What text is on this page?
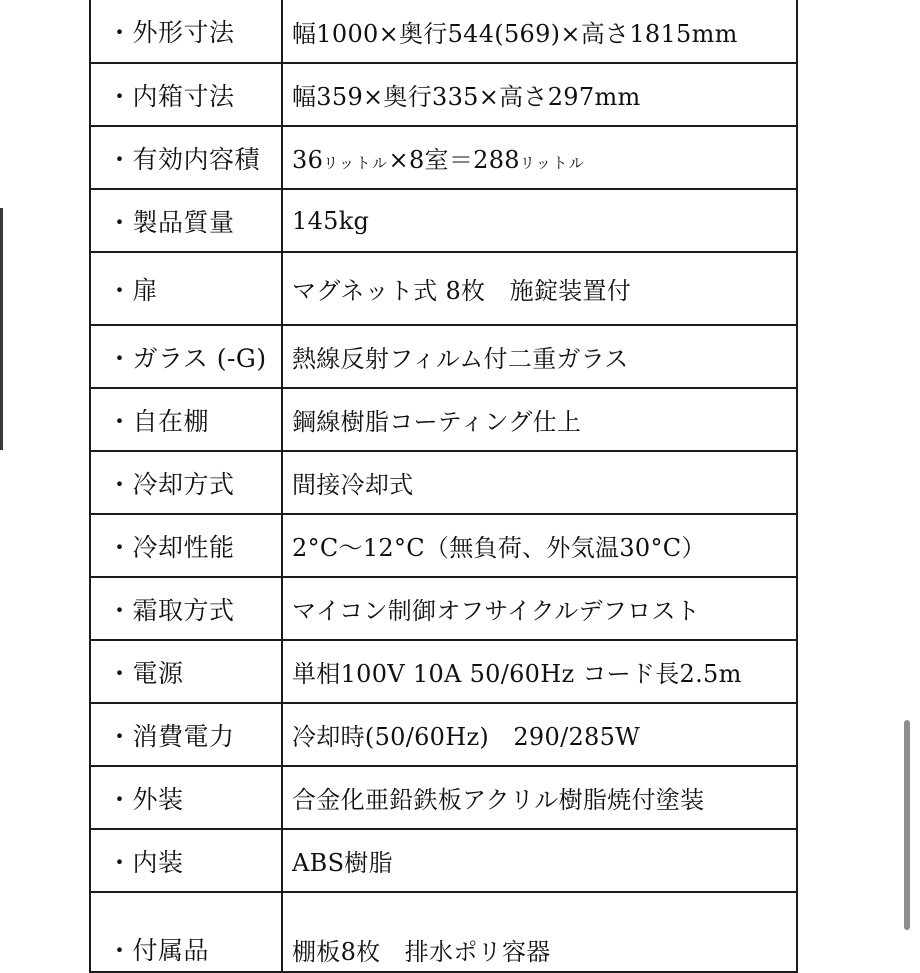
・外形寸法	幅1000×奥行544(569)×高さ1815mm
・内箱寸法	幅359×奥行335×高さ297mm
・有効内容積	36リットル×8室＝288リットル
・製品質量	145kg
・扉	マグネット式 8枚　施錠装置付
・ガラス (-G)	熱線反射フィルム付二重ガラス
・自在棚	鋼線樹脂コーティング仕上
・冷却方式	間接冷却式
・冷却性能	2°C〜12°C（無負荷、外気温30°C）
・霜取方式	マイコン制御オフサイクルデフロスト
・電源	単相100V 10A 50/60Hz コード長2.5m
・消費電力	冷却時(50/60Hz)　290/285W
・外装	合金化亜鉛鉄板アクリル樹脂焼付塗装
・内装	ABS樹脂
・付属品	棚板8枚　排水ポリ容器
